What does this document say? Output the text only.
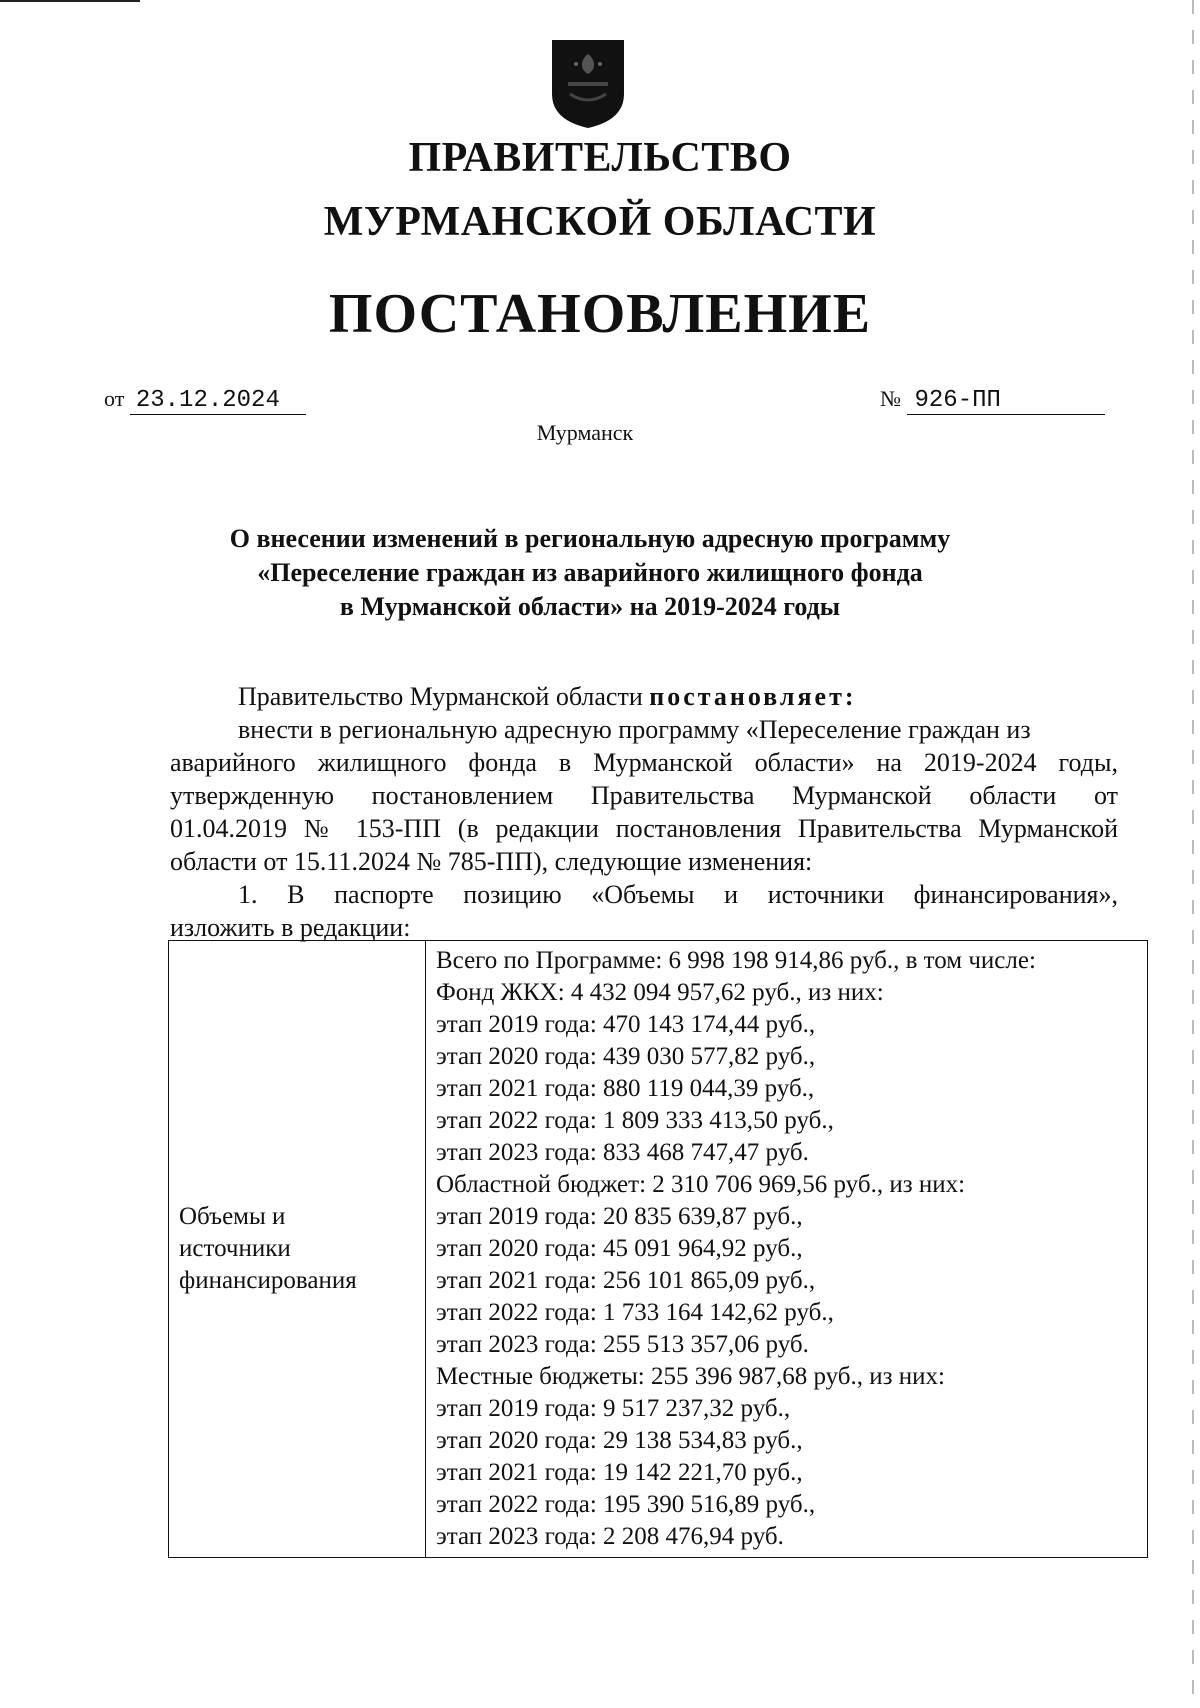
ПРАВИТЕЛЬСТВО
МУРМАНСКОЙ ОБЛАСТИ
ПОСТАНОВЛЕНИЕ
от 23.12.2024	№ 926-ПП
Мурманск
О внесении изменений в региональную адресную программу
«Переселение граждан из аварийного жилищного фонда
в Мурманской области» на 2019-2024 годы
Правительство Мурманской области постановляет:
внести в региональную адресную программу «Переселение граждан из
аварийного жилищного фонда в Мурманской области» на 2019-2024 годы,
утвержденную постановлением Правительства Мурманской области от
01.04.2019 № 153-ПП (в редакции постановления Правительства Мурманской
области от 15.11.2024 № 785-ПП), следующие изменения:
1. В паспорте позицию «Объемы и источники финансирования»,
изложить в редакции:
Объемы и
источники
финансирования

Всего по Программе: 6 998 198 914,86 руб., в том числе:
Фонд ЖКХ: 4 432 094 957,62 руб., из них:
этап 2019 года: 470 143 174,44 руб.,
этап 2020 года: 439 030 577,82 руб.,
этап 2021 года: 880 119 044,39 руб.,
этап 2022 года: 1 809 333 413,50 руб.,
этап 2023 года: 833 468 747,47 руб.
Областной бюджет: 2 310 706 969,56 руб., из них:
этап 2019 года: 20 835 639,87 руб.,
этап 2020 года: 45 091 964,92 руб.,
этап 2021 года: 256 101 865,09 руб.,
этап 2022 года: 1 733 164 142,62 руб.,
этап 2023 года: 255 513 357,06 руб.
Местные бюджеты: 255 396 987,68 руб., из них:
этап 2019 года: 9 517 237,32 руб.,
этап 2020 года: 29 138 534,83 руб.,
этап 2021 года: 19 142 221,70 руб.,
этап 2022 года: 195 390 516,89 руб.,
этап 2023 года: 2 208 476,94 руб.
